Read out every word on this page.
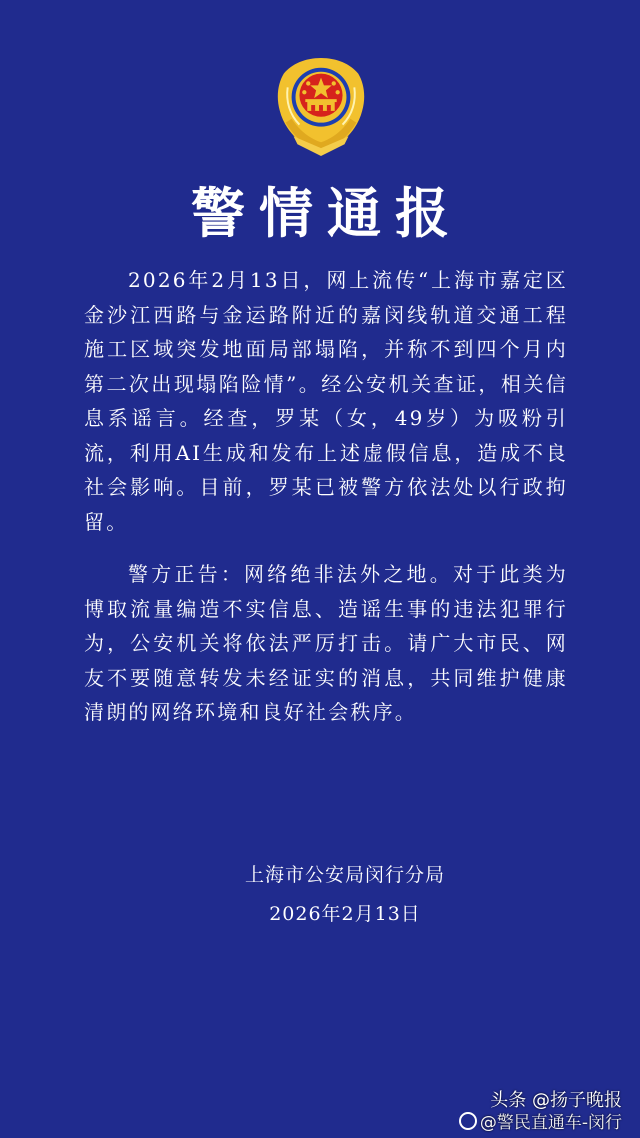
警情通报

2026年2月13日，网上流传“上海市嘉定区金沙江西路与金运路附近的嘉闵线轨道交通工程施工区域突发地面局部塌陷，并称不到四个月内第二次出现塌陷险情”。经公安机关查证，相关信息系谣言。经查，罗某（女，49岁）为吸粉引流，利用AI生成和发布上述虚假信息，造成不良社会影响。目前，罗某已被警方依法处以行政拘留。

警方正告：网络绝非法外之地。对于此类为博取流量编造不实信息、造谣生事的违法犯罪行为，公安机关将依法严厉打击。请广大市民、网友不要随意转发未经证实的消息，共同维护健康清朗的网络环境和良好社会秩序。

上海市公安局闵行分局
2026年2月13日
头条 @扬子晚报
@警民直通车-闵行
